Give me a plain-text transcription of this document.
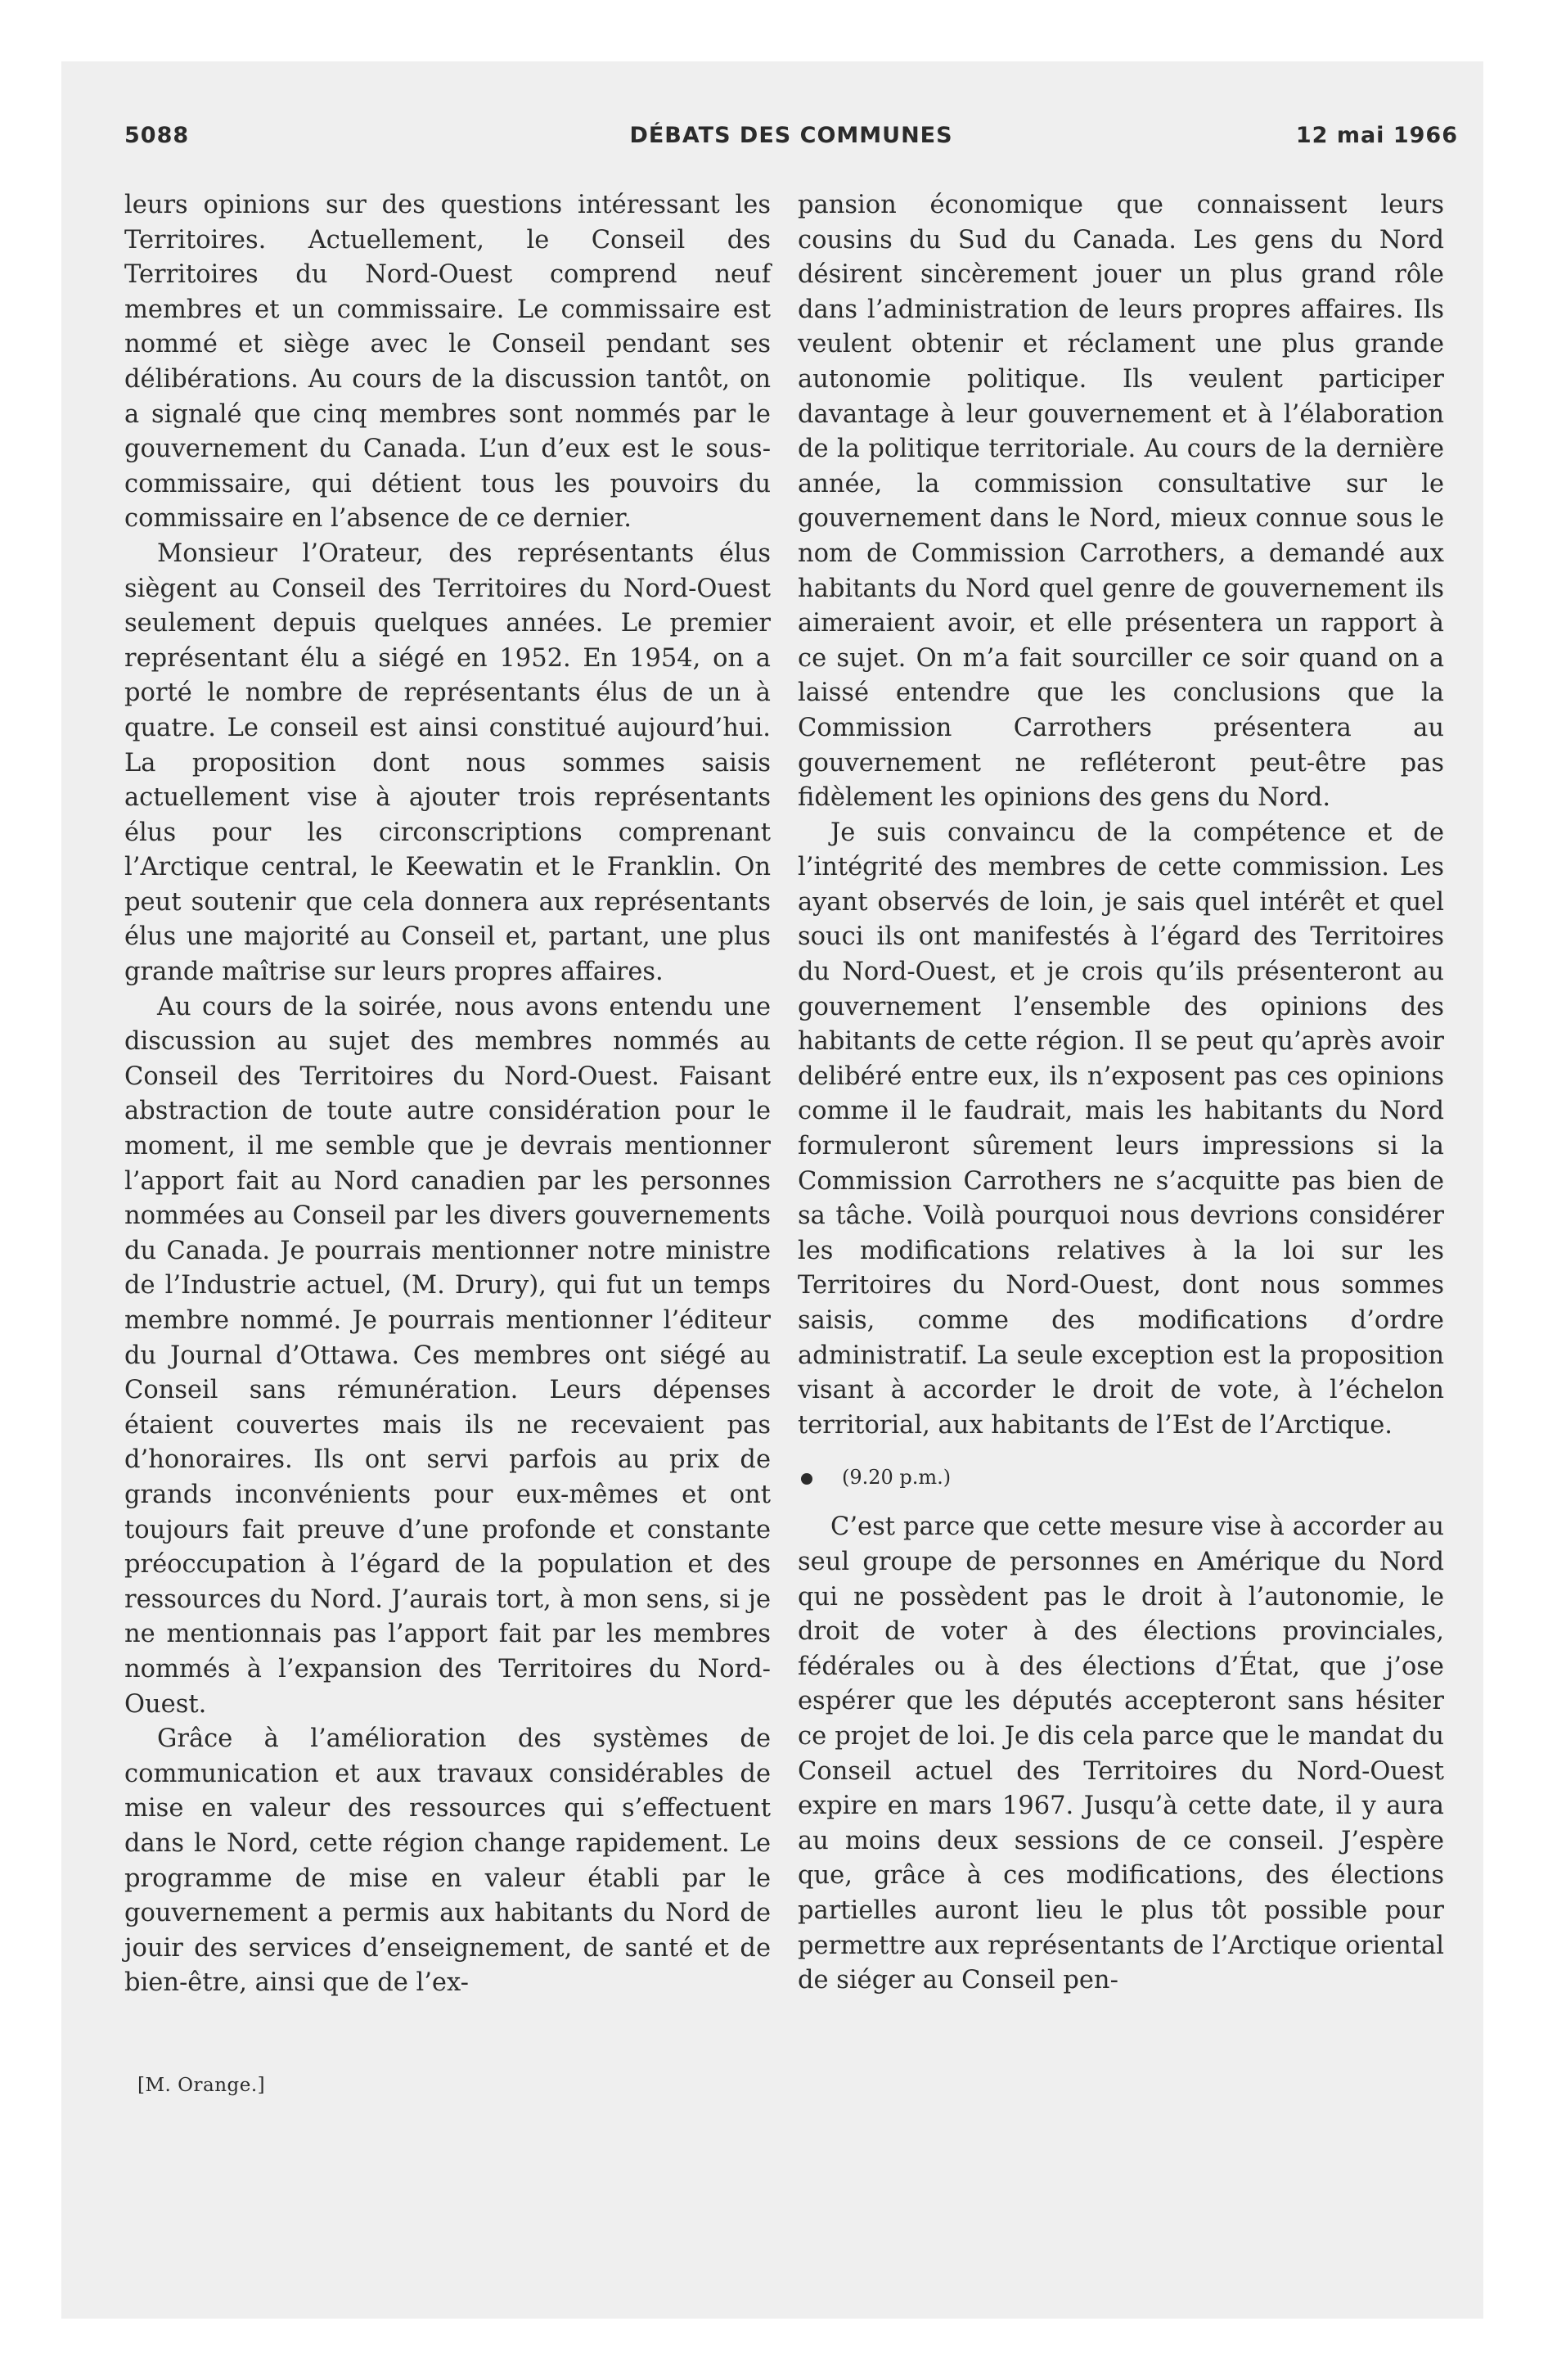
5088	DÉBATS DES COMMUNES	12 mai 1966

leurs opinions sur des questions intéressant les Territoires. Actuellement, le Conseil des Territoires du Nord-Ouest comprend neuf membres et un commissaire. Le commissaire est nommé et siège avec le Conseil pendant ses délibérations. Au cours de la discussion tantôt, on a signalé que cinq membres sont nommés par le gouvernement du Canada. L’un d’eux est le sous-commissaire, qui détient tous les pouvoirs du commissaire en l’absence de ce dernier.

Monsieur l’Orateur, des représentants élus siègent au Conseil des Territoires du Nord-Ouest seulement depuis quelques années. Le premier représentant élu a siégé en 1952. En 1954, on a porté le nombre de représentants élus de un à quatre. Le conseil est ainsi constitué aujourd’hui. La proposition dont nous sommes saisis actuellement vise à ajouter trois représentants élus pour les circonscriptions comprenant l’Arctique central, le Keewatin et le Franklin. On peut soutenir que cela donnera aux représentants élus une majorité au Conseil et, partant, une plus grande maîtrise sur leurs propres affaires.

Au cours de la soirée, nous avons entendu une discussion au sujet des membres nommés au Conseil des Territoires du Nord-Ouest. Faisant abstraction de toute autre considération pour le moment, il me semble que je devrais mentionner l’apport fait au Nord canadien par les personnes nommées au Conseil par les divers gouvernements du Canada. Je pourrais mentionner notre ministre de l’Industrie actuel, (M. Drury), qui fut un temps membre nommé. Je pourrais mentionner l’éditeur du Journal d’Ottawa. Ces membres ont siégé au Conseil sans rémunération. Leurs dépenses étaient couvertes mais ils ne recevaient pas d’honoraires. Ils ont servi parfois au prix de grands inconvénients pour eux-mêmes et ont toujours fait preuve d’une profonde et constante préoccupation à l’égard de la population et des ressources du Nord. J’aurais tort, à mon sens, si je ne mentionnais pas l’apport fait par les membres nommés à l’expansion des Territoires du Nord-Ouest.

Grâce à l’amélioration des systèmes de communication et aux travaux considérables de mise en valeur des ressources qui s’effectuent dans le Nord, cette région change rapidement. Le programme de mise en valeur établi par le gouvernement a permis aux habitants du Nord de jouir des services d’enseignement, de santé et de bien-être, ainsi que de l’ex-

pansion économique que connaissent leurs cousins du Sud du Canada. Les gens du Nord désirent sincèrement jouer un plus grand rôle dans l’administration de leurs propres affaires. Ils veulent obtenir et réclament une plus grande autonomie politique. Ils veulent participer davantage à leur gouvernement et à l’élaboration de la politique territoriale. Au cours de la dernière année, la commission consultative sur le gouvernement dans le Nord, mieux connue sous le nom de Commission Carrothers, a demandé aux habitants du Nord quel genre de gouvernement ils aimeraient avoir, et elle présentera un rapport à ce sujet. On m’a fait sourciller ce soir quand on a laissé entendre que les conclusions que la Commission Carrothers présentera au gouvernement ne refléteront peut-être pas fidèlement les opinions des gens du Nord.

Je suis convaincu de la compétence et de l’intégrité des membres de cette commission. Les ayant observés de loin, je sais quel intérêt et quel souci ils ont manifestés à l’égard des Territoires du Nord-Ouest, et je crois qu’ils présenteront au gouvernement l’ensemble des opinions des habitants de cette région. Il se peut qu’après avoir delibéré entre eux, ils n’exposent pas ces opinions comme il le faudrait, mais les habitants du Nord formuleront sûrement leurs impressions si la Commission Carrothers ne s’acquitte pas bien de sa tâche. Voilà pourquoi nous devrions considérer les modifications relatives à la loi sur les Territoires du Nord-Ouest, dont nous sommes saisis, comme des modifications d’ordre administratif. La seule exception est la proposition visant à accorder le droit de vote, à l’échelon territorial, aux habitants de l’Est de l’Arctique.

(9.20 p.m.)

C’est parce que cette mesure vise à accorder au seul groupe de personnes en Amérique du Nord qui ne possèdent pas le droit à l’autonomie, le droit de voter à des élections provinciales, fédérales ou à des élections d’État, que j’ose espérer que les députés accepteront sans hésiter ce projet de loi. Je dis cela parce que le mandat du Conseil actuel des Territoires du Nord-Ouest expire en mars 1967. Jusqu’à cette date, il y aura au moins deux sessions de ce conseil. J’espère que, grâce à ces modifications, des élections partielles auront lieu le plus tôt possible pour permettre aux représentants de l’Arctique oriental de siéger au Conseil pen-

[M. Orange.]
